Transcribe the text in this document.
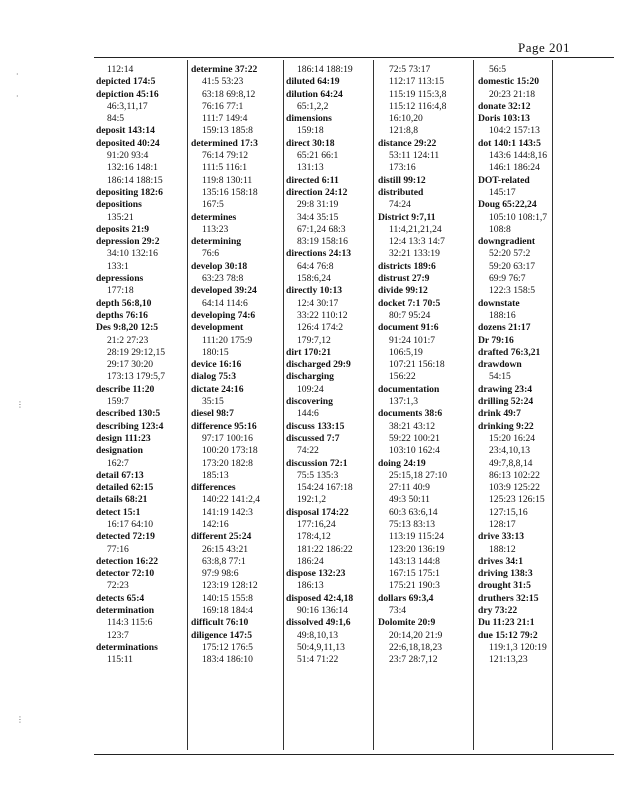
Page 201
112:14
depicted 174:5
depiction 45:16
46:3,11,17
84:5
deposit 143:14
deposited 40:24
91:20 93:4
132:16 148:1
186:14 188:15
depositing 182:6
depositions
135:21
deposits 21:9
depression 29:2
34:10 132:16
133:1
depressions
177:18
depth 56:8,10
depths 76:16
Des 9:8,20 12:5
21:2 27:23
28:19 29:12,15
29:17 30:20
173:13 179:5,7
describe 11:20
159:7
described 130:5
describing 123:4
design 111:23
designation
162:7
detail 67:13
detailed 62:15
details 68:21
detect 15:1
16:17 64:10
detected 72:19
77:16
detection 16:22
detector 72:10
72:23
detects 65:4
determination
114:3 115:6
123:7
determinations
115:11
determine 37:22
41:5 53:23
63:18 69:8,12
76:16 77:1
111:7 149:4
159:13 185:8
determined 17:3
76:14 79:12
111:5 116:1
119:8 130:11
135:16 158:18
167:5
determines
113:23
determining
76:6
develop 30:18
63:23 78:8
developed 39:24
64:14 114:6
developing 74:6
development
111:20 175:9
180:15
device 16:16
dialog 75:3
dictate 24:16
35:15
diesel 98:7
difference 95:16
97:17 100:16
100:20 173:18
173:20 182:8
185:13
differences
140:22 141:2,4
141:19 142:3
142:16
different 25:24
26:15 43:21
63:8,8 77:1
97:9 98:6
123:19 128:12
140:15 155:8
169:18 184:4
difficult 76:10
diligence 147:5
175:12 176:5
183:4 186:10
186:14 188:19
diluted 64:19
dilution 64:24
65:1,2,2
dimensions
159:18
direct 30:18
65:21 66:1
131:13
directed 6:11
direction 24:12
29:8 31:19
34:4 35:15
67:1,24 68:3
83:19 158:16
directions 24:13
64:4 76:8
158:6,24
directly 10:13
12:4 30:17
33:22 110:12
126:4 174:2
179:7,12
dirt 170:21
discharged 29:9
discharging
109:24
discovering
144:6
discuss 133:15
discussed 7:7
74:22
discussion 72:1
75:5 135:3
154:24 167:18
192:1,2
disposal 174:22
177:16,24
178:4,12
181:22 186:22
186:24
dispose 132:23
186:13
disposed 42:4,18
90:16 136:14
dissolved 49:1,6
49:8,10,13
50:4,9,11,13
51:4 71:22
72:5 73:17
112:17 113:15
115:19 115:3,8
115:12 116:4,8
16:10,20
121:8,8
distance 29:22
53:11 124:11
173:16
distill 99:12
distributed
74:24
District 9:7,11
11:4,21,21,24
12:4 13:3 14:7
32:21 133:19
districts 189:6
distrust 27:9
divide 99:12
docket 7:1 70:5
80:7 95:24
document 91:6
91:24 101:7
106:5,19
107:21 156:18
156:22
documentation
137:1,3
documents 38:6
38:21 43:12
59:22 100:21
103:10 162:4
doing 24:19
25:15,18 27:10
27:11 40:9
49:3 50:11
60:3 63:6,14
75:13 83:13
113:19 115:24
123:20 136:19
143:13 144:8
167:15 175:1
175:21 190:3
dollars 69:3,4
73:4
Dolomite 20:9
20:14,20 21:9
22:6,18,18,23
23:7 28:7,12
56:5
domestic 15:20
20:23 21:18
donate 32:12
Doris 103:13
104:2 157:13
dot 140:1 143:5
143:6 144:8,16
146:1 186:24
DOT-related
145:17
Doug 65:22,24
105:10 108:1,7
108:8
downgradient
52:20 57:2
59:20 63:17
69:9 76:7
122:3 158:5
downstate
188:16
dozens 21:17
Dr 79:16
drafted 76:3,21
drawdown
54:15
drawing 23:4
drilling 52:24
drink 49:7
drinking 9:22
15:20 16:24
23:4,10,13
49:7,8,8,14
86:13 102:22
103:9 125:22
125:23 126:15
127:15,16
128:17
drive 33:13
188:12
drives 34:1
driving 138:3
drought 31:5
druthers 32:15
dry 73:22
Du 11:23 21:1
due 15:12 79:2
119:1,3 120:19
121:13,23
·
·
⋮
⋮
